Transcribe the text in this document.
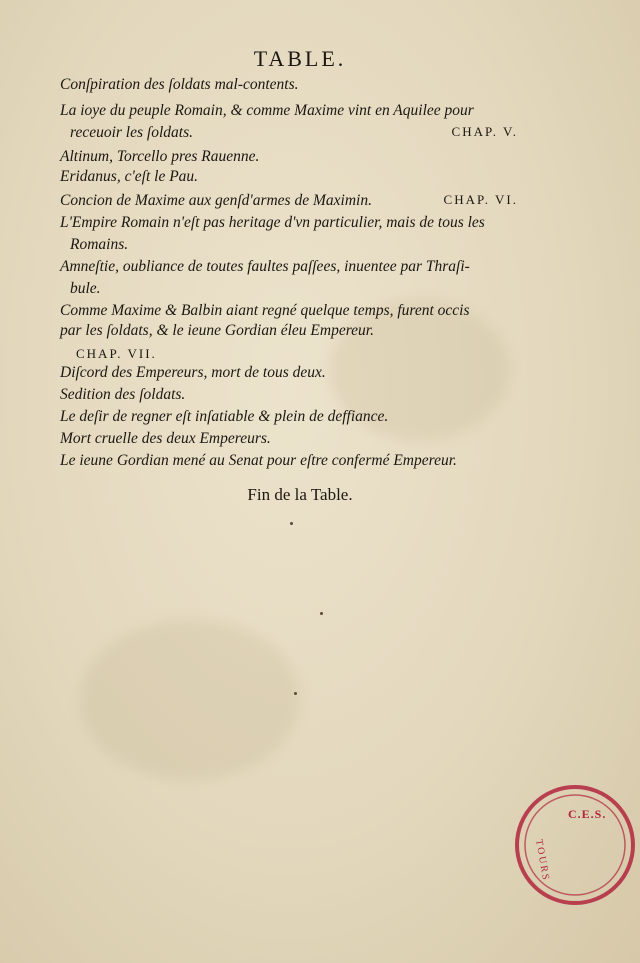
TABLE.
Conſpiration des ſoldats mal-contents.
La ioye du peuple Romain, & comme Maxime vint en Aquilee pour
receuoir les ſoldats.	CHAP. V.
Altinum, Torcello pres Rauenne.
Eridanus, c'eſt le Pau.
Concion de Maxime aux genſd'armes de Maximin.	CHAP. VI.
L'Empire Romain n'eſt pas heritage d'vn particulier, mais de tous les
Romains.
Amneſtie, oubliance de toutes faultes paſſees, inuentee par Thraſi-
bule.
Comme Maxime & Balbin aiant regné quelque temps, furent occis
par les ſoldats, & le ieune Gordian éleu Empereur.
CHAP. VII.
Diſcord des Empereurs, mort de tous deux.
Sedition des ſoldats.
Le deſir de regner eſt inſatiable & plein de deffiance.
Mort cruelle des deux Empereurs.
Le ieune Gordian mené au Senat pour eſtre confermé Empereur.
Fin de la Table.
C.E.S.
TOURS
